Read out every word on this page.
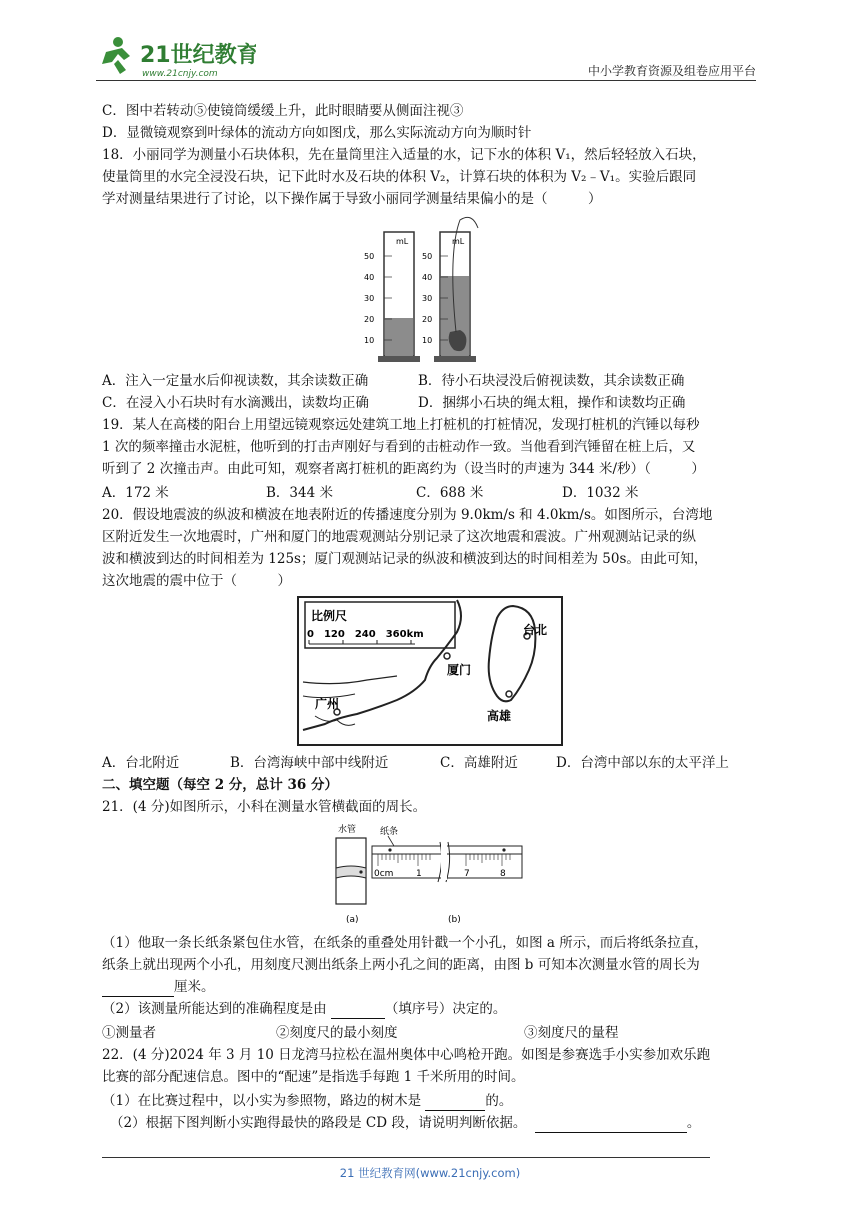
21世纪教育
www.21cnjy.com	中小学教育资源及组卷应用平台
C．图中若转动⑤使镜筒缓缓上升，此时眼睛要从侧面注视③
D．显微镜观察到叶绿体的流动方向如图戊，那么实际流动方向为顺时针
18．小丽同学为测量小石块体积，先在量筒里注入适量的水，记下水的体积 V₁，然后轻轻放入石块，
使量筒里的水完全浸没石块，记下此时水及石块的体积 V₂，计算石块的体积为 V₂﹣V₁。实验后跟同
学对测量结果进行了讨论，以下操作属于导致小丽同学测量结果偏小的是（　　　）
mL
50
40
30
20
10
mL
50
40
30
20
10
A．注入一定量水后仰视读数，其余读数正确	B．待小石块浸没后俯视读数，其余读数正确
C．在浸入小石块时有水滴溅出，读数均正确	D．捆绑小石块的绳太粗，操作和读数均正确
19．某人在高楼的阳台上用望远镜观察远处建筑工地上打桩机的打桩情况，发现打桩机的汽锤以每秒
1 次的频率撞击水泥桩，他听到的打击声刚好与看到的击桩动作一致。当他看到汽锤留在桩上后，又
听到了 2 次撞击声。由此可知，观察者离打桩机的距离约为（设当时的声速为 344 米/秒）（　　　）
A．172 米	B．344 米	C．688 米	D．1032 米
20．假设地震波的纵波和横波在地表附近的传播速度分别为 9.0km/s 和 4.0km/s。如图所示，台湾地
区附近发生一次地震时，广州和厦门的地震观测站分别记录了这次地震和震波。广州观测站记录的纵
波和横波到达的时间相差为 125s；厦门观测站记录的纵波和横波到达的时间相差为 50s。由此可知，
这次地震的震中位于（　　　）
比例尺
0　120　240　360km	台北
厦门
广州
高雄
A．台北附近	B．台湾海峡中部中线附近	C．高雄附近	D．台湾中部以东的太平洋上
二、填空题（每空 2 分，总计 36 分）
21．(4 分)如图所示，小科在测量水管横截面的周长。
水管	纸条
0cm	1	7	8
(a)	(b)
（1）他取一条长纸条紧包住水管，在纸条的重叠处用针戳一个小孔，如图 a 所示，而后将纸条拉直，
纸条上就出现两个小孔，用刻度尺测出纸条上两小孔之间的距离，由图 b 可知本次测量水管的周长为
厘米。
（2）该测量所能达到的准确程度是由	（填序号）决定的。
①测量者	②刻度尺的最小刻度	③刻度尺的量程
22．(4 分)2024 年 3 月 10 日龙湾马拉松在温州奥体中心鸣枪开跑。如图是参赛选手小实参加欢乐跑
比赛的部分配速信息。图中的“配速”是指选手每跑 1 千米所用的时间。
（1）在比赛过程中，以小实为参照物，路边的树木是	的。
（2）根据下图判断小实跑得最快的路段是 CD 段，请说明判断依据。	。
21 世纪教育网(www.21cnjy.com)
